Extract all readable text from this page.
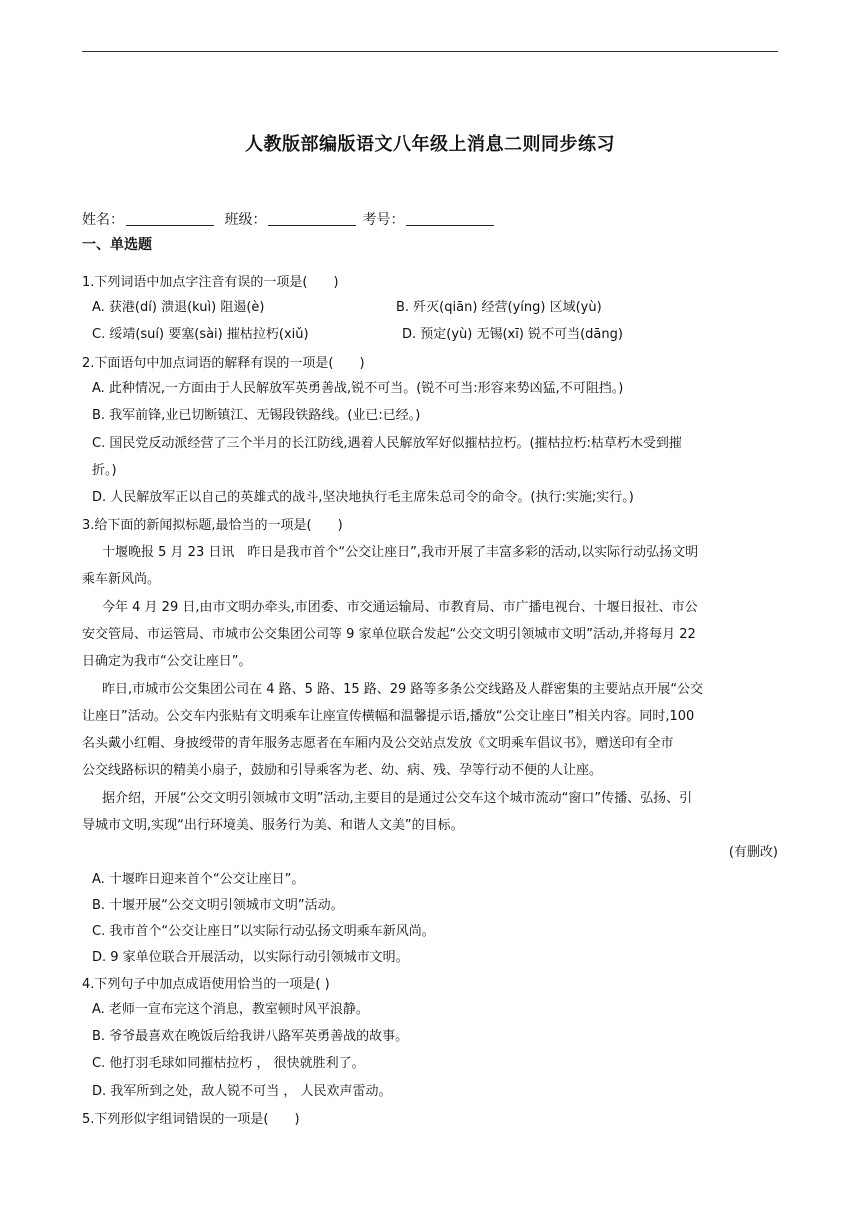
人教版部编版语文八年级上消息二则同步练习
姓名：	班级：	考号：
一、单选题
1.下列词语中加点字注音有误的一项是(　　)
A. 获港(dí) 溃退(kuì) 阻遏(è)	B. 歼灭(qiān) 经营(yíng) 区域(yù)
C. 绥靖(suí) 要塞(sài) 摧枯拉朽(xiǔ)	D. 预定(yù) 无锡(xī) 锐不可当(dāng)
2.下面语句中加点词语的解释有误的一项是(　　)
A. 此种情况,一方面由于人民解放军英勇善战,锐不可当。(锐不可当:形容来势凶猛,不可阻挡。)
B. 我军前锋,业已切断镇江、无锡段铁路线。(业已:已经。)
C. 国民党反动派经营了三个半月的长江防线,遇着人民解放军好似摧枯拉朽。(摧枯拉朽:枯草朽木受到摧
折。)
D. 人民解放军正以自己的英雄式的战斗,坚决地执行毛主席朱总司令的命令。(执行:实施;实行。)
3.给下面的新闻拟标题,最恰当的一项是(　　)
十堰晚报 5 月 23 日讯　昨日是我市首个“公交让座日”,我市开展了丰富多彩的活动,以实际行动弘扬文明
乘车新风尚。
今年 4 月 29 日,由市文明办牵头,市团委、市交通运输局、市教育局、市广播电视台、十堰日报社、市公
安交管局、市运管局、市城市公交集团公司等 9 家单位联合发起“公交文明引领城市文明”活动,并将每月 22
日确定为我市“公交让座日”。
昨日,市城市公交集团公司在 4 路、5 路、15 路、29 路等多条公交线路及人群密集的主要站点开展“公交
让座日”活动。公交车内张贴有文明乘车让座宣传横幅和温馨提示语,播放“公交让座日”相关内容。同时,100
名头戴小红帽、身披绶带的青年服务志愿者在车厢内及公交站点发放《文明乘车倡议书》，赠送印有全市
公交线路标识的精美小扇子，鼓励和引导乘客为老、幼、病、残、孕等行动不便的人让座。
据介绍，开展“公交文明引领城市文明”活动,主要目的是通过公交车这个城市流动“窗口”传播、弘扬、引
导城市文明,实现“出行环境美、服务行为美、和谐人文美”的目标。
(有删改)
A. 十堰昨日迎来首个“公交让座日”。
B. 十堰开展“公交文明引领城市文明”活动。
C. 我市首个“公交让座日”以实际行动弘扬文明乘车新风尚。
D. 9 家单位联合开展活动，以实际行动引领城市文明。
4.下列句子中加点成语使用恰当的一项是( )
A. 老师一宣布完这个消息，教室顿时风平浪静。
B. 爷爷最喜欢在晚饭后给我讲八路军英勇善战的故事。
C. 他打羽毛球如同摧枯拉朽 ， 很快就胜利了。
D. 我军所到之处，敌人锐不可当 ， 人民欢声雷动。
5.下列形似字组词错误的一项是(　　)
